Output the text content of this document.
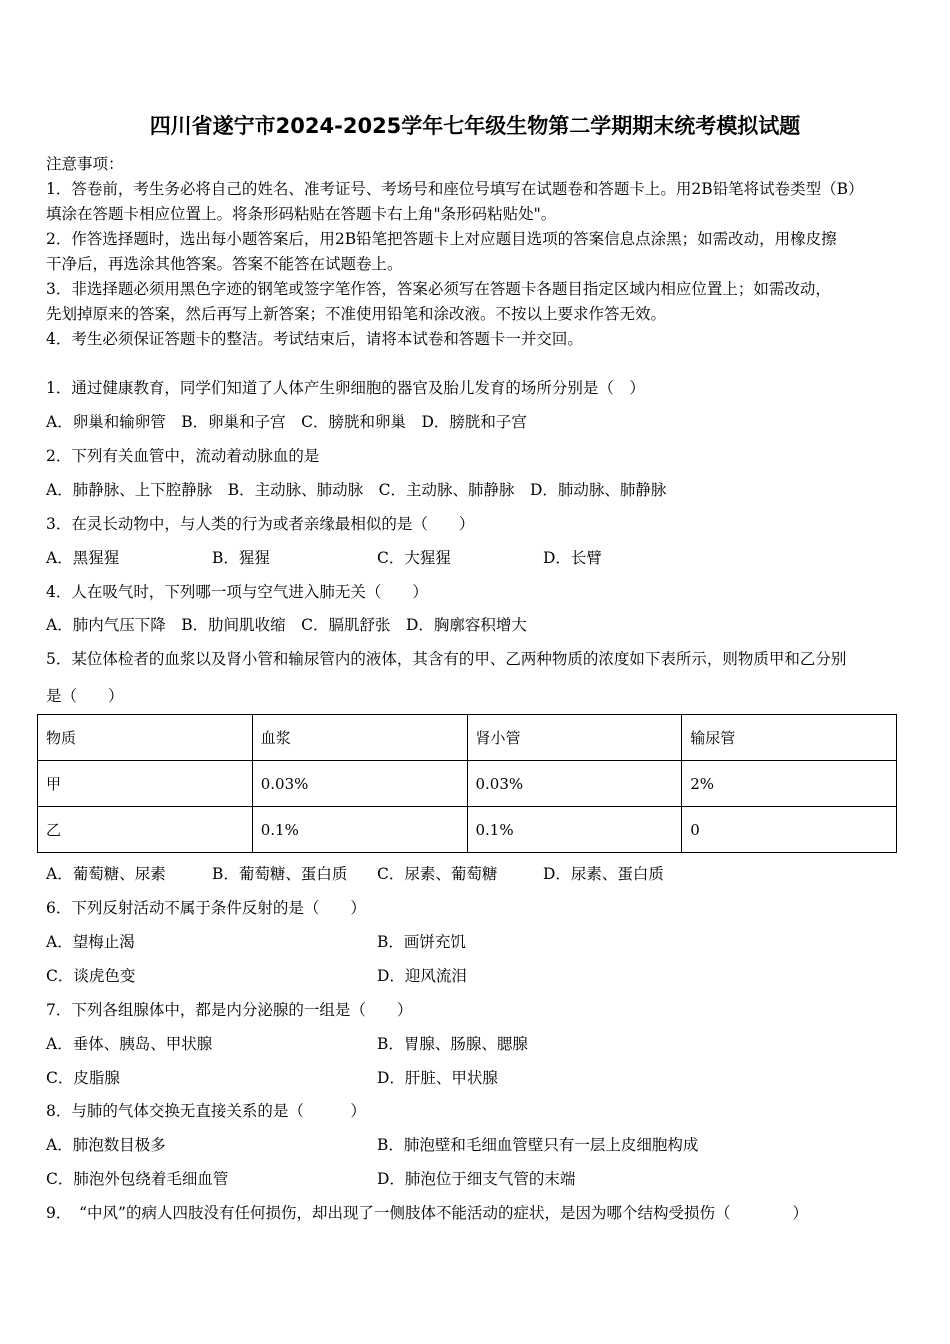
四川省遂宁市2024-2025学年七年级生物第二学期期末统考模拟试题
注意事项：
1．答卷前，考生务必将自己的姓名、准考证号、考场号和座位号填写在试题卷和答题卡上。用2B铅笔将试卷类型（B）
填涂在答题卡相应位置上。将条形码粘贴在答题卡右上角"条形码粘贴处"。
2．作答选择题时，选出每小题答案后，用2B铅笔把答题卡上对应题目选项的答案信息点涂黑；如需改动，用橡皮擦
干净后，再选涂其他答案。答案不能答在试题卷上。
3．非选择题必须用黑色字迹的钢笔或签字笔作答，答案必须写在答题卡各题目指定区域内相应位置上；如需改动，
先划掉原来的答案，然后再写上新答案；不准使用铅笔和涂改液。不按以上要求作答无效。
4．考生必须保证答题卡的整洁。考试结束后，请将本试卷和答题卡一并交回。
1．通过健康教育，同学们知道了人体产生卵细胞的器官及胎儿发育的场所分别是（　）
A．卵巢和输卵管　B．卵巢和子宫　C．膀胱和卵巢　D．膀胱和子宫
2．下列有关血管中，流动着动脉血的是
A．肺静脉、上下腔静脉　B．主动脉、肺动脉　C．主动脉、肺静脉　D．肺动脉、肺静脉
3．在灵长动物中，与人类的行为或者亲缘最相似的是（　　）
A．黑猩猩	B．猩猩	C．大猩猩	D．长臂
4．人在吸气时，下列哪一项与空气进入肺无关（　　）
A．肺内气压下降　B．肋间肌收缩　C．膈肌舒张　D．胸廓容积增大
5．某位体检者的血浆以及肾小管和输尿管内的液体，其含有的甲、乙两种物质的浓度如下表所示，则物质甲和乙分别
是（　　）
物质	血浆	肾小管	输尿管
甲	0.03%	0.03%	2%
乙	0.1%	0.1%	0
A．葡萄糖、尿素	B．葡萄糖、蛋白质 C．尿素、葡萄糖	D．尿素、蛋白质
6．下列反射活动不属于条件反射的是（　　）
A．望梅止渴	B．画饼充饥
C．谈虎色变	D．迎风流泪
7．下列各组腺体中，都是内分泌腺的一组是（　　）
A．垂体、胰岛、甲状腺	B．胃腺、肠腺、腮腺
C．皮脂腺	D．肝脏、甲状腺
8．与肺的气体交换无直接关系的是（　　　）
A．肺泡数目极多	B．肺泡壁和毛细血管壁只有一层上皮细胞构成
C．肺泡外包绕着毛细血管	D．肺泡位于细支气管的末端
9．　“中风”的病人四肢没有任何损伤，却出现了一侧肢体不能活动的症状，是因为哪个结构受损伤（　　　　）
